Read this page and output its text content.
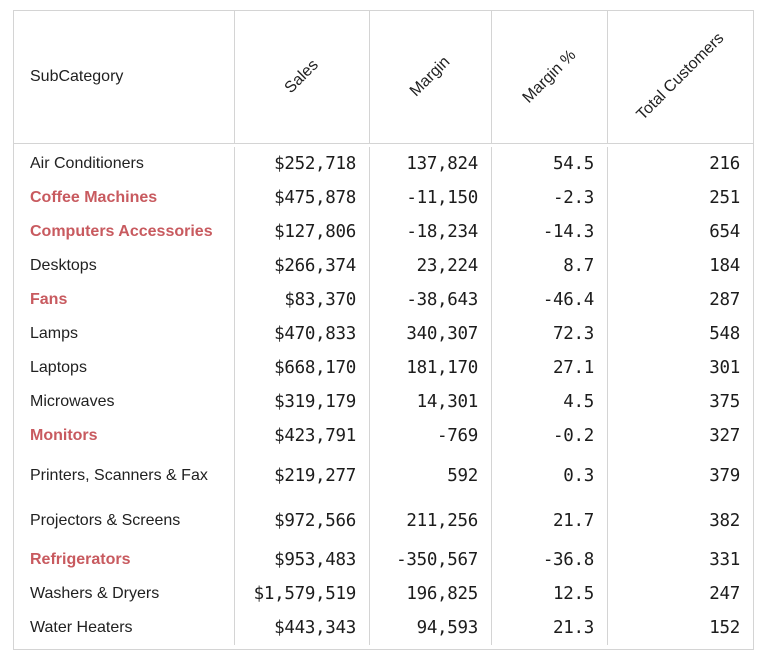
SubCategory	Sales	Margin	Margin %	Total Customers
Air Conditioners	$252,718	137,824	54.5	216
Coffee Machines	$475,878	-11,150	-2.3	251
Computers Accessories	$127,806	-18,234	-14.3	654
Desktops	$266,374	23,224	8.7	184
Fans	$83,370	-38,643	-46.4	287
Lamps	$470,833	340,307	72.3	548
Laptops	$668,170	181,170	27.1	301
Microwaves	$319,179	14,301	4.5	375
Monitors	$423,791	-769	-0.2	327
Printers, Scanners & Fax	$219,277	592	0.3	379
Projectors & Screens	$972,566	211,256	21.7	382
Refrigerators	$953,483	-350,567	-36.8	331
Washers & Dryers	$1,579,519	196,825	12.5	247
Water Heaters	$443,343	94,593	21.3	152
